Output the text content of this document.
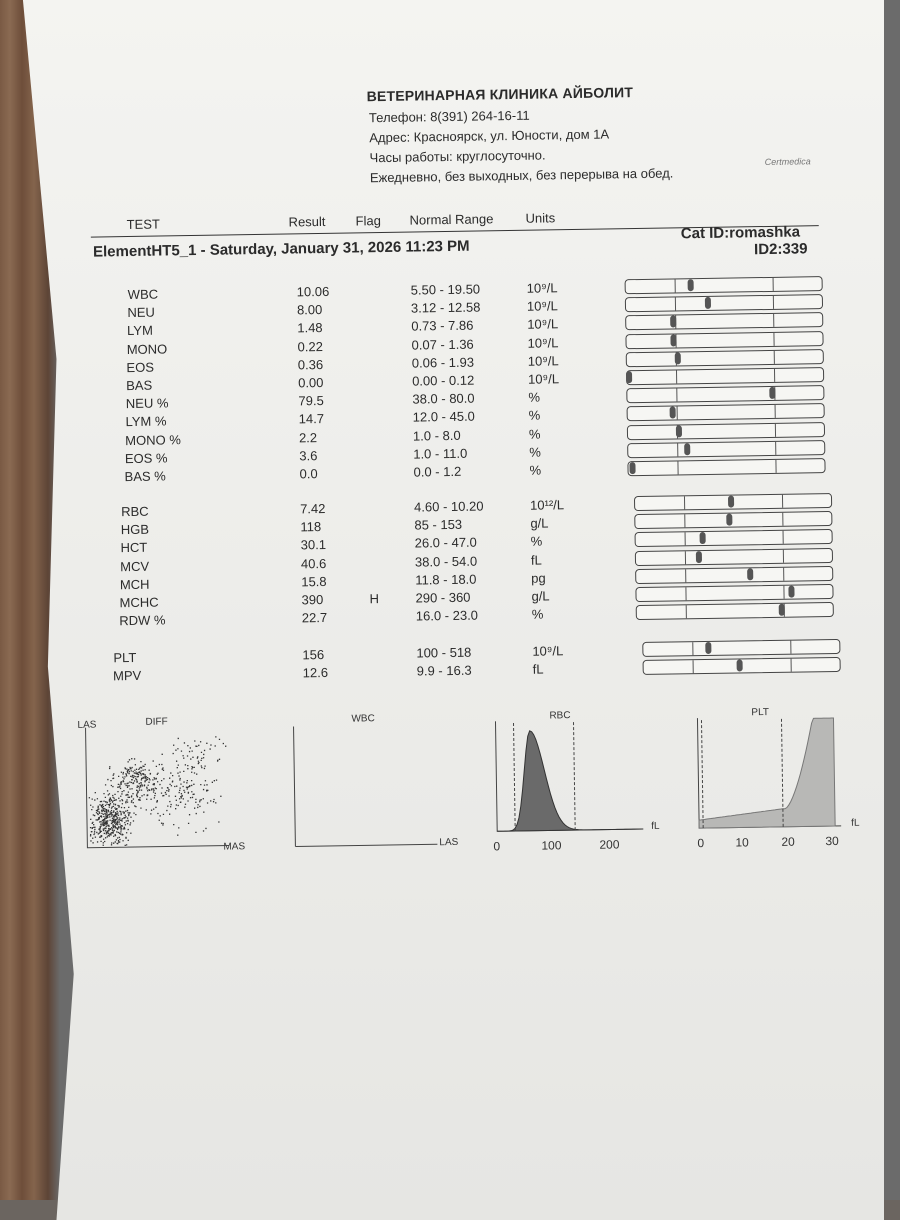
ВЕТЕРИНАРНАЯ КЛИНИКА АЙБОЛИТ
Телефон: 8(391) 264-16-11
Адрес: Красноярск, ул. Юности, дом 1А
Часы работы: круглосуточно.
Ежедневно, без выходных, без перерыва на обед.
Certmedica
TEST	Result Flag Normal Range Units
ElementHT5_1 - Saturday, January 31, 2026 11:23 PM
Cat ID:romashka
ID2:339
WBC	10.06	5.50 - 19.50	10⁹/L
NEU	8.00	3.12 - 12.58	10⁹/L
LYM	1.48	0.73 - 7.86	10⁹/L
MONO	0.22	0.07 - 1.36	10⁹/L
EOS	0.36	0.06 - 1.93	10⁹/L
BAS	0.00	0.00 - 0.12	10⁹/L
NEU %	79.5	38.0 - 80.0	%
LYM %	14.7	12.0 - 45.0	%
MONO %	2.2	1.0 - 8.0	%
EOS %	3.6	1.0 - 11.0	%
BAS %	0.0	0.0 - 1.2	%
RBC	7.42	4.60 - 10.20	10¹²/L
HGB	118	85 - 153	g/L
HCT	30.1	26.0 - 47.0	%
MCV	40.6	38.0 - 54.0	fL
MCH	15.8	11.8 - 18.0	pg
MCHC	390	H	290 - 360	g/L
RDW %	22.7	16.0 - 23.0	%
PLT	156	100 - 518	10⁹/L
MPV	12.6	9.9 - 16.3	fL
LAS	DIFF
MAS
WBC
LAS
RBC
fL
0	100	200
PLT
fL
0	10	20	30
